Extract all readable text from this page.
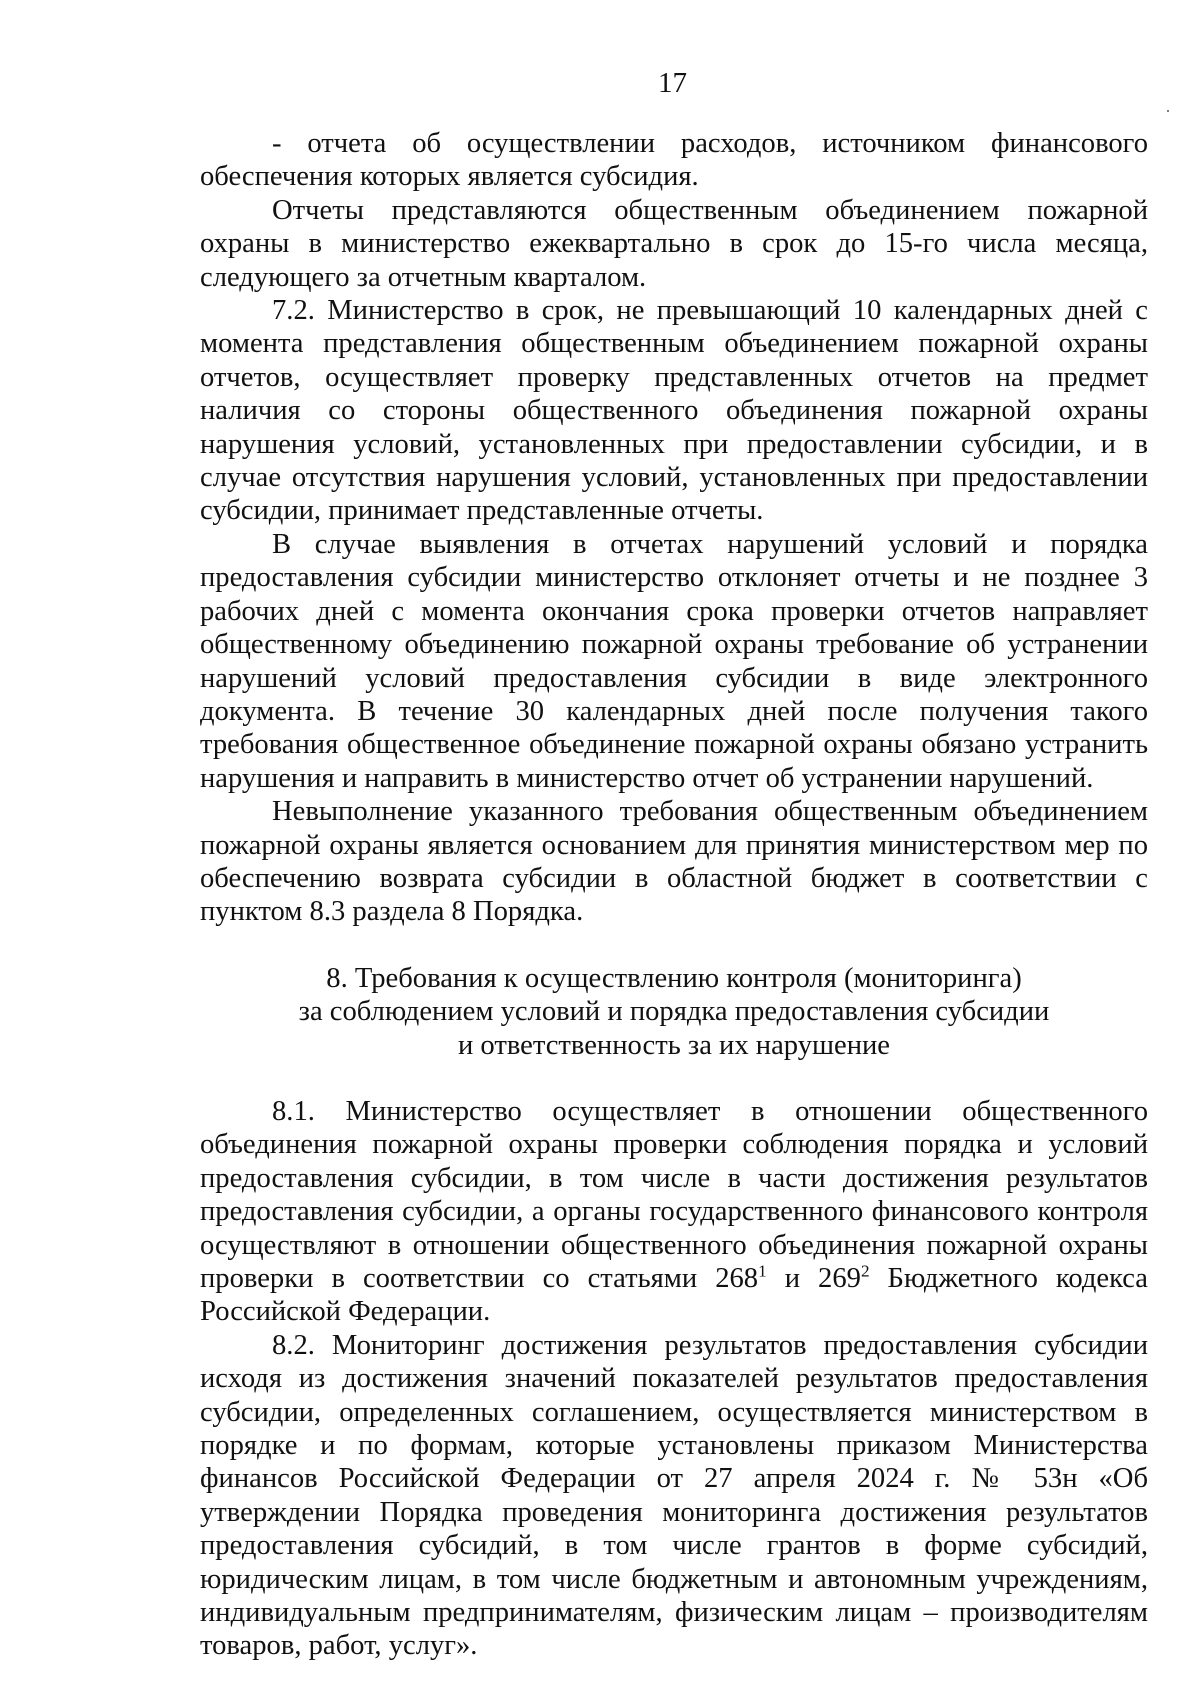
17

- отчета об осуществлении расходов, источником финансового обеспечения которых является субсидия.

Отчеты представляются общественным объединением пожарной охраны в министерство ежеквартально в срок до 15-го числа месяца, следующего за отчетным кварталом.

7.2. Министерство в срок, не превышающий 10 календарных дней с момента представления общественным объединением пожарной охраны отчетов, осуществляет проверку представленных отчетов на предмет наличия со стороны общественного объединения пожарной охраны нарушения условий, установленных при предоставлении субсидии, и в случае отсутствия нарушения условий, установленных при предоставлении субсидии, принимает представленные отчеты.

В случае выявления в отчетах нарушений условий и порядка предоставления субсидии министерство отклоняет отчеты и не позднее 3 рабочих дней с момента окончания срока проверки отчетов направляет общественному объединению пожарной охраны требование об устранении нарушений условий предоставления субсидии в виде электронного документа. В течение 30 календарных дней после получения такого требования общественное объединение пожарной охраны обязано устранить нарушения и направить в министерство отчет об устранении нарушений.

Невыполнение указанного требования общественным объединением пожарной охраны является основанием для принятия министерством мер по обеспечению возврата субсидии в областной бюджет в соответствии с пунктом 8.3 раздела 8 Порядка.

8. Требования к осуществлению контроля (мониторинга)
за соблюдением условий и порядка предоставления субсидии
и ответственность за их нарушение

8.1. Министерство осуществляет в отношении общественного объединения пожарной охраны проверки соблюдения порядка и условий предоставления субсидии, в том числе в части достижения результатов предоставления субсидии, а органы государственного финансового контроля осуществляют в отношении общественного объединения пожарной охраны проверки в соответствии со статьями $268^1$ и $269^2$ Бюджетного кодекса Российской Федерации.

8.2. Мониторинг достижения результатов предоставления субсидии исходя из достижения значений показателей результатов предоставления субсидии, определенных соглашением, осуществляется министерством в порядке и по формам, которые установлены приказом Министерства финансов Российской Федерации от 27 апреля 2024 г. № 53н «Об утверждении Порядка проведения мониторинга достижения результатов предоставления субсидий, в том числе грантов в форме субсидий, юридическим лицам, в том числе бюджетным и автономным учреждениям, индивидуальным предпринимателям, физическим лицам – производителям товаров, работ, услуг».
